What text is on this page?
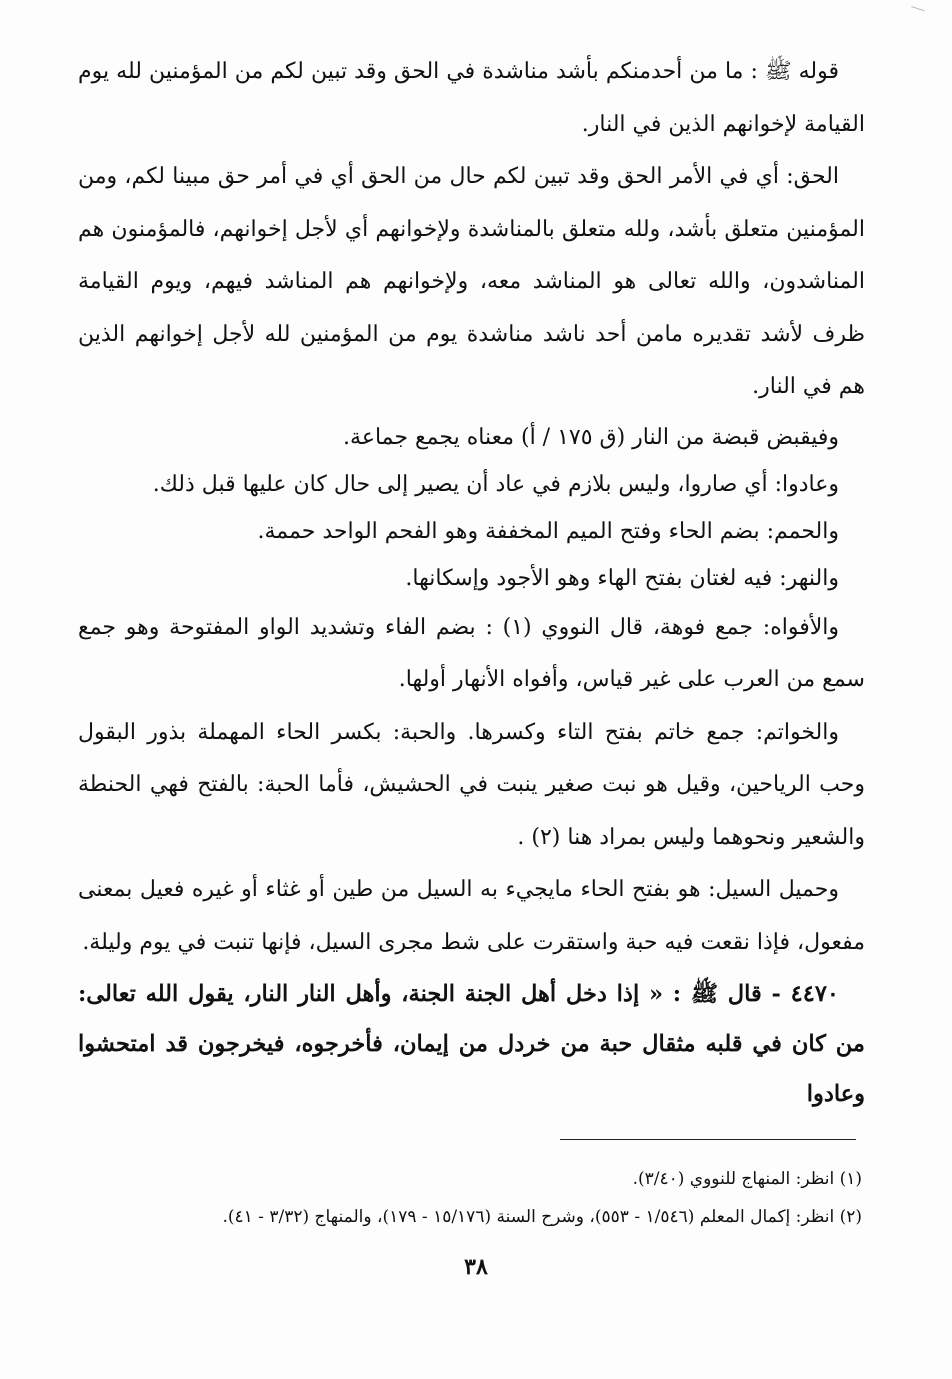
قوله ﷺ : ما من أحدمنكم بأشد مناشدة في الحق وقد تبين لكم من المؤمنين لله يوم القيامة لإخوانهم الذين في النار.

الحق: أي في الأمر الحق وقد تبين لكم حال من الحق أي في أمر حق مبينا لكم، ومن المؤمنين متعلق بأشد، ولله متعلق بالمناشدة ولإخوانهم أي لأجل إخوانهم، فالمؤمنون هم المناشدون، والله تعالى هو المناشد معه، ولإخوانهم هم المناشد فيهم، ويوم القيامة ظرف لأشد تقديره مامن أحد ناشد مناشدة يوم من المؤمنين لله لأجل إخوانهم الذين هم في النار.

وفيقبض قبضة من النار (ق ١٧٥ / أ) معناه يجمع جماعة.

وعادوا: أي صاروا، وليس بلازم في عاد أن يصير إلى حال كان عليها قبل ذلك.

والحمم: بضم الحاء وفتح الميم المخففة وهو الفحم الواحد حممة.

والنهر: فيه لغتان بفتح الهاء وهو الأجود وإسكانها.

والأفواه: جمع فوهة، قال النووي (١) : بضم الفاء وتشديد الواو المفتوحة وهو جمع سمع من العرب على غير قياس، وأفواه الأنهار أولها.

والخواتم: جمع خاتم بفتح التاء وكسرها. والحبة: بكسر الحاء المهملة بذور البقول وحب الرياحين، وقيل هو نبت صغير ينبت في الحشيش، فأما الحبة: بالفتح فهي الحنطة والشعير ونحوهما وليس بمراد هنا (٢) .

وحميل السيل: هو بفتح الحاء مايجيء به السيل من طين أو غثاء أو غيره فعيل بمعنى مفعول، فإذا نقعت فيه حبة واستقرت على شط مجرى السيل، فإنها تنبت في يوم وليلة.

٤٤٧٠ - قال ﷺ : « إذا دخل أهل الجنة الجنة، وأهل النار النار، يقول الله تعالى: من كان في قلبه مثقال حبة من خردل من إيمان، فأخرجوه، فيخرجون قد امتحشوا وعادوا

(١) انظر: المنهاج للنووي (٣/٤٠).

(٢) انظر: إكمال المعلم (١/٥٤٦ - ٥٥٣)، وشرح السنة (١٥/١٧٦ - ١٧٩)، والمنهاج (٣/٣٢ - ٤١).

٣٨
